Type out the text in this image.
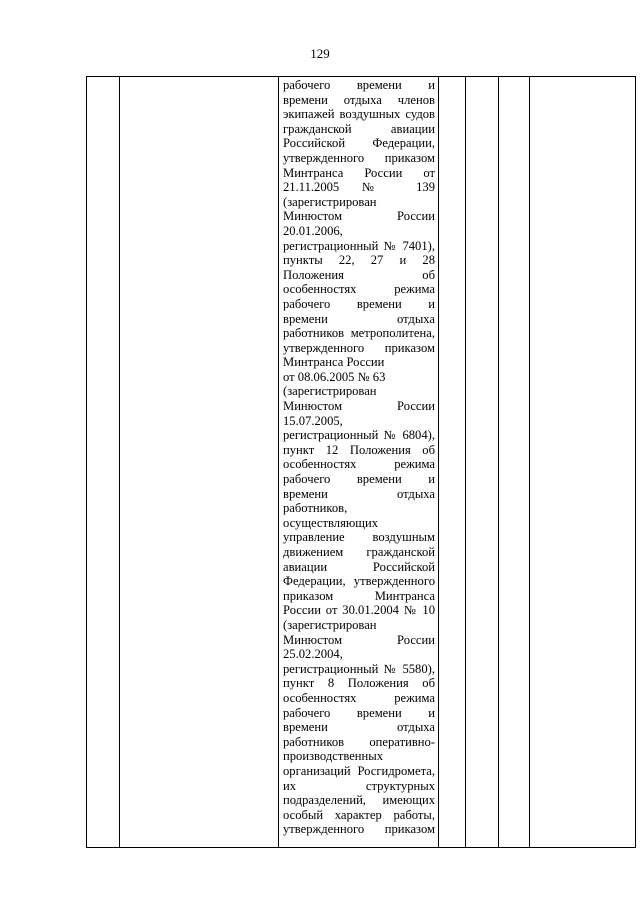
129

рабочего времени и
времени отдыха членов
экипажей воздушных судов
гражданской авиации
Российской Федерации,
утвержденного приказом
Минтранса России от
21.11.2005 № 139
(зарегистрирован
Минюстом России
20.01.2006,
регистрационный № 7401),
пункты 22, 27 и 28
Положения об
особенностях режима
рабочего времени и
времени отдыха
работников метрополитена,
утвержденного приказом
Минтранса России
от 08.06.2005 № 63
(зарегистрирован
Минюстом России
15.07.2005,
регистрационный № 6804),
пункт 12 Положения об
особенностях режима
рабочего времени и
времени отдыха
работников,
осуществляющих
управление воздушным
движением гражданской
авиации Российской
Федерации, утвержденного
приказом Минтранса
России от 30.01.2004 № 10
(зарегистрирован
Минюстом России
25.02.2004,
регистрационный № 5580),
пункт 8 Положения об
особенностях режима
рабочего времени и
времени отдыха
работников оперативно-
производственных
организаций Росгидромета,
их структурных
подразделений, имеющих
особый характер работы,
утвержденного приказом
